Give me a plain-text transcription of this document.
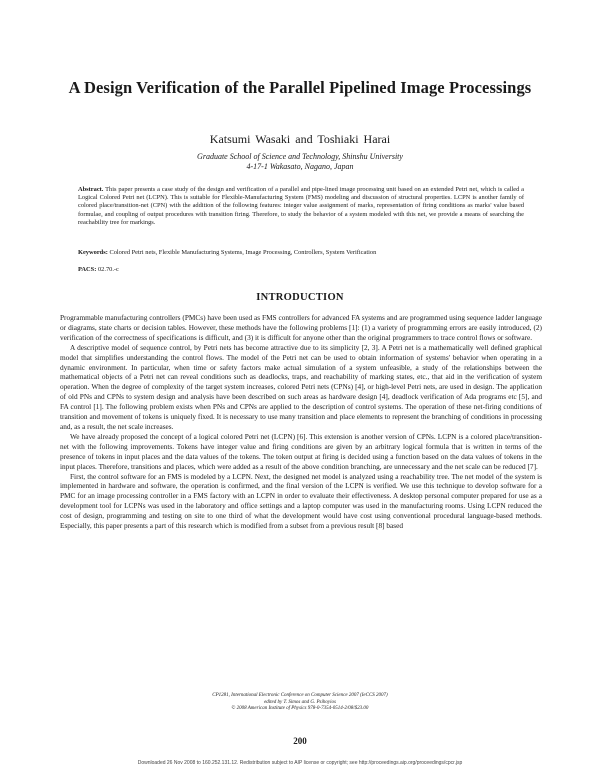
A Design Verification of the Parallel Pipelined Image Processings
Katsumi Wasaki and Toshiaki Harai
Graduate School of Science and Technology, Shinshu University
4-17-1 Wakasato, Nagano, Japan

Abstract. This paper presents a case study of the design and verification of a parallel and pipe-lined image processing unit based on an extended Petri net, which is called a Logical Colored Petri net (LCPN). This is suitable for Flexible-Manufacturing System (FMS) modeling and discussion of structural properties. LCPN is another family of colored place/transition-net (CPN) with the addition of the following features: integer value assignment of marks, representation of firing conditions as marks' value based formulae, and coupling of output procedures with transition firing. Therefore, to study the behavior of a system modeled with this net, we provide a means of searching the reachability tree for markings.

Keywords: Colored Petri nets, Flexible Manufacturing Systems, Image Processing, Controllers, System Verification

PACS: 02.70.-c

INTRODUCTION

Programmable manufacturing controllers (PMCs) have been used as FMS controllers for advanced FA systems and are programmed using sequence ladder language or diagrams, state charts or decision tables. However, these methods have the following problems [1]: (1) a variety of programming errors are easily introduced, (2) verification of the correctness of specifications is difficult, and (3) it is difficult for anyone other than the original programmers to trace control flows or software.

A descriptive model of sequence control, by Petri nets has become attractive due to its simplicity [2, 3]. A Petri net is a mathematically well defined graphical model that simplifies understanding the control flows. The model of the Petri net can be used to obtain information of systems' behavior when operating in a dynamic environment. In particular, when time or safety factors make actual simulation of a system unfeasible, a study of the relationships between the mathematical objects of a Petri net can reveal conditions such as deadlocks, traps, and reachability of marking states, etc., that aid in the verification of system operation. When the degree of complexity of the target system increases, colored Petri nets (CPNs) [4], or high-level Petri nets, are used in design. The application of old PNs and CPNs to system design and analysis have been described on such areas as hardware design [4], deadlock verification of Ada programs etc [5], and FA control [1]. The following problem exists when PNs and CPNs are applied to the description of control systems. The operation of these net-firing conditions of transition and movement of tokens is uniquely fixed. It is necessary to use many transition and place elements to represent the branching of conditions in processing and, as a result, the net scale increases.

We have already proposed the concept of a logical colored Petri net (LCPN) [6]. This extension is another version of CPNs. LCPN is a colored place/transition-net with the following improvements. Tokens have integer value and firing conditions are given by an arbitrary logical formula that is written in terms of the presence of tokens in input places and the data values of the tokens. The token output at firing is decided using a function based on the data values of tokens in the input places. Therefore, transitions and places, which were added as a result of the above condition branching, are unnecessary and the net scale can be reduced [7].

First, the control software for an FMS is modeled by a LCPN. Next, the designed net model is analyzed using a reachability tree. The net model of the system is implemented in hardware and software, the operation is confirmed, and the final version of the LCPN is verified. We use this technique to develop software for a PMC for an image processing controller in a FMS factory with an LCPN in order to evaluate their effectiveness. A desktop personal computer prepared for use as a development tool for LCPNs was used in the laboratory and office settings and a laptop computer was used in the manufacturing rooms. Using LCPN reduced the cost of design, programming and testing on site to one third of what the development would have cost using conventional procedural language-based methods. Especially, this paper presents a part of this research which is modified from a subset from a previous result [8] based

CP1281, International Electronic Conference on Computer Science 2007 (IeCCS 2007)
edited by T. Simos and G. Psihoyios
© 2008 American Institute of Physics 978-0-7354-0514-2/08/$23.00
200
Downloaded 26 Nov 2008 to 160.252.131.12. Redistribution subject to AIP license or copyright; see http://proceedings.aip.org/proceedings/cpcr.jsp
